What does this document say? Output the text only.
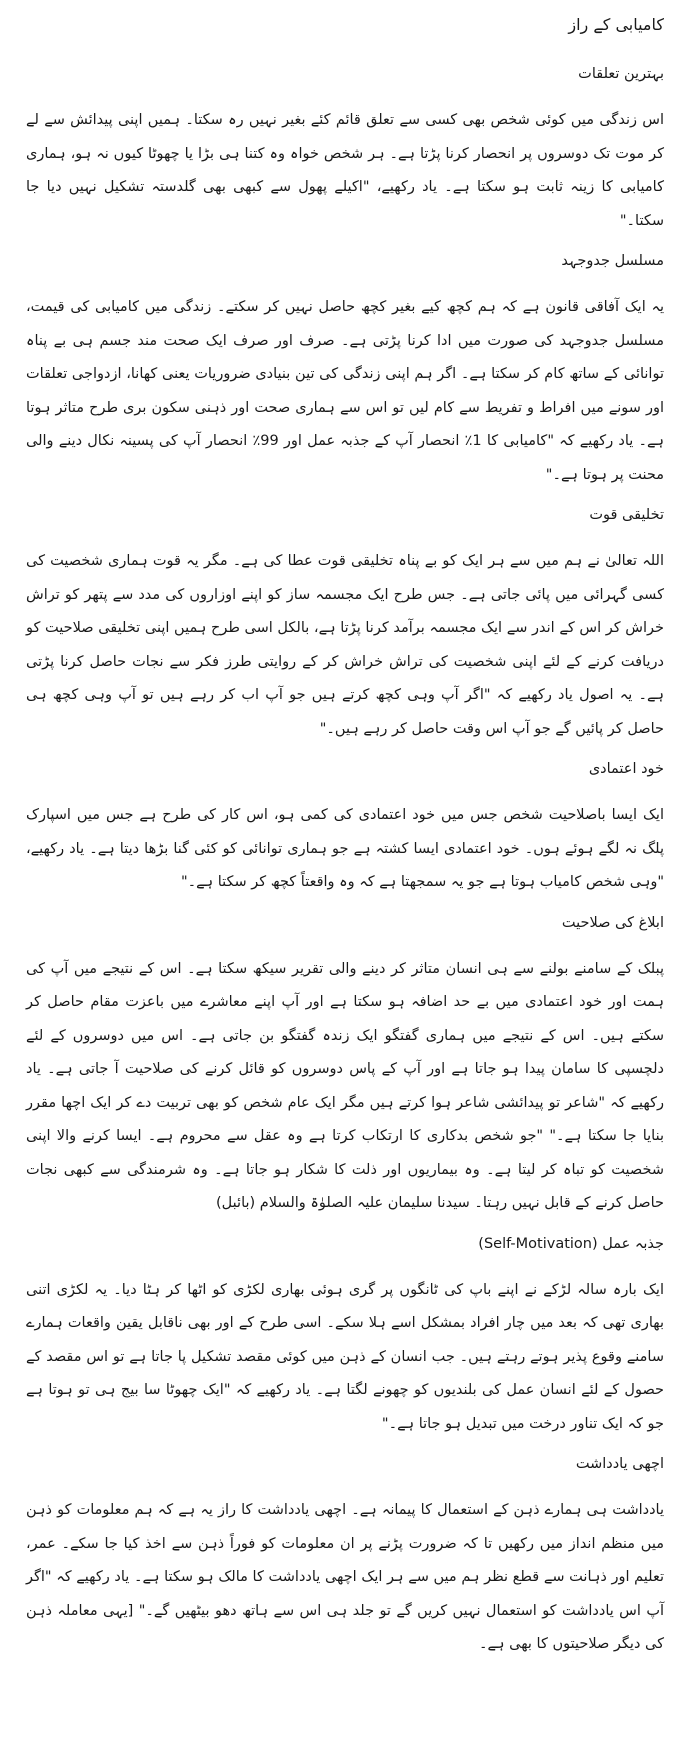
کامیابی کے راز
بہترین تعلقات

اس زندگی میں کوئی شخص بھی کسی سے تعلق قائم کئے بغیر نہیں رہ سکتا۔ ہمیں اپنی پیدائش سے لے کر موت تک دوسروں پر انحصار کرنا پڑتا ہے۔ ہر شخص خواہ وہ کتنا ہی بڑا یا چھوٹا کیوں نہ ہو، ہماری کامیابی کا زینہ ثابت ہو سکتا ہے۔ یاد رکھیے، "اکیلے پھول سے کبھی بھی گلدستہ تشکیل نہیں دیا جا سکتا۔"

مسلسل جدوجہد

یہ ایک آفاقی قانون ہے کہ ہم کچھ کیے بغیر کچھ حاصل نہیں کر سکتے۔ زندگی میں کامیابی کی قیمت، مسلسل جدوجہد کی صورت میں ادا کرنا پڑتی ہے۔ صرف اور صرف ایک صحت مند جسم ہی بے پناہ توانائی کے ساتھ کام کر سکتا ہے۔ اگر ہم اپنی زندگی کی تین بنیادی ضروریات یعنی کھانا، ازدواجی تعلقات اور سونے میں افراط و تفریط سے کام لیں تو اس سے ہماری صحت اور ذہنی سکون بری طرح متاثر ہوتا ہے۔ یاد رکھیے کہ "کامیابی کا 1٪ انحصار آپ کے جذبہ عمل اور 99٪ انحصار آپ کی پسینہ نکال دینے والی محنت پر ہوتا ہے۔"

تخلیقی قوت

اللہ تعالیٰ نے ہم میں سے ہر ایک کو بے پناہ تخلیقی قوت عطا کی ہے۔ مگر یہ قوت ہماری شخصیت کی کسی گہرائی میں پائی جاتی ہے۔ جس طرح ایک مجسمہ ساز کو اپنے اوزاروں کی مدد سے پتھر کو تراش خراش کر اس کے اندر سے ایک مجسمہ برآمد کرنا پڑتا ہے، بالکل اسی طرح ہمیں اپنی تخلیقی صلاحیت کو دریافت کرنے کے لئے اپنی شخصیت کی تراش خراش کر کے روایتی طرز فکر سے نجات حاصل کرنا پڑتی ہے۔ یہ اصول یاد رکھیے کہ "اگر آپ وہی کچھ کرتے ہیں جو آپ اب کر رہے ہیں تو آپ وہی کچھ ہی حاصل کر پائیں گے جو آپ اس وقت حاصل کر رہے ہیں۔"

خود اعتمادی

ایک ایسا باصلاحیت شخص جس میں خود اعتمادی کی کمی ہو، اس کار کی طرح ہے جس میں اسپارک پلگ نہ لگے ہوئے ہوں۔ خود اعتمادی ایسا کشتہ ہے جو ہماری توانائی کو کئی گنا بڑھا دیتا ہے۔ یاد رکھیے، "وہی شخص کامیاب ہوتا ہے جو یہ سمجھتا ہے کہ وہ واقعتاً کچھ کر سکتا ہے۔"

ابلاغ کی صلاحیت

پبلک کے سامنے بولنے سے ہی انسان متاثر کر دینے والی تقریر سیکھ سکتا ہے۔ اس کے نتیجے میں آپ کی ہمت اور خود اعتمادی میں بے حد اضافہ ہو سکتا ہے اور آپ اپنے معاشرے میں باعزت مقام حاصل کر سکتے ہیں۔ اس کے نتیجے میں ہماری گفتگو ایک زندہ گفتگو بن جاتی ہے۔ اس میں دوسروں کے لئے دلچسپی کا سامان پیدا ہو جاتا ہے اور آپ کے پاس دوسروں کو قائل کرنے کی صلاحیت آ جاتی ہے۔ یاد رکھیے کہ "شاعر تو پیدائشی شاعر ہوا کرتے ہیں مگر ایک عام شخص کو بھی تربیت دے کر ایک اچھا مقرر بنایا جا سکتا ہے۔" "جو شخص بدکاری کا ارتکاب کرتا ہے وہ عقل سے محروم ہے۔ ایسا کرنے والا اپنی شخصیت کو تباہ کر لیتا ہے۔ وہ بیماریوں اور ذلت کا شکار ہو جاتا ہے۔ وہ شرمندگی سے کبھی نجات حاصل کرنے کے قابل نہیں رہتا۔ سیدنا سلیمان علیہ الصلوٰۃ والسلام (بائبل)

جذبہ عمل (Self-Motivation)

ایک بارہ سالہ لڑکے نے اپنے باپ کی ٹانگوں پر گری ہوئی بھاری لکڑی کو اٹھا کر ہٹا دیا۔ یہ لکڑی اتنی بھاری تھی کہ بعد میں چار افراد بمشکل اسے ہلا سکے۔ اسی طرح کے اور بھی ناقابل یقین واقعات ہمارے سامنے وقوع پذیر ہوتے رہتے ہیں۔ جب انسان کے ذہن میں کوئی مقصد تشکیل پا جاتا ہے تو اس مقصد کے حصول کے لئے انسان عمل کی بلندیوں کو چھونے لگتا ہے۔ یاد رکھیے کہ "ایک چھوٹا سا بیج ہی تو ہوتا ہے جو کہ ایک تناور درخت میں تبدیل ہو جاتا ہے۔"

اچھی یادداشت

یادداشت ہی ہمارے ذہن کے استعمال کا پیمانہ ہے۔ اچھی یادداشت کا راز یہ ہے کہ ہم معلومات کو ذہن میں منظم انداز میں رکھیں تا کہ ضرورت پڑنے پر ان معلومات کو فوراً ذہن سے اخذ کیا جا سکے۔ عمر، تعلیم اور ذہانت سے قطع نظر ہم میں سے ہر ایک اچھی یادداشت کا مالک ہو سکتا ہے۔ یاد رکھیے کہ "اگر آپ اس یادداشت کو استعمال نہیں کریں گے تو جلد ہی اس سے ہاتھ دھو بیٹھیں گے۔" [یہی معاملہ ذہن کی دیگر صلاحیتوں کا بھی ہے۔
